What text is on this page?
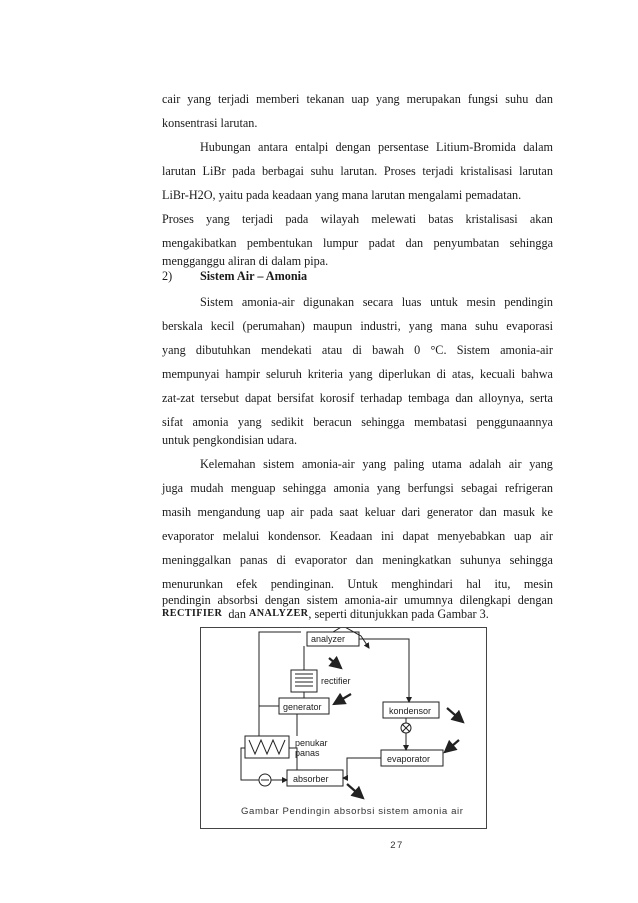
cair yang terjadi memberi tekanan uap yang merupakan fungsi suhu dan
konsentrasi larutan.
Hubungan antara entalpi dengan persentase Litium-Bromida dalam
larutan LiBr pada berbagai suhu larutan. Proses terjadi kristalisasi larutan
LiBr-H2O, yaitu pada keadaan yang mana larutan mengalami pemadatan.
Proses yang terjadi pada wilayah melewati batas kristalisasi akan
mengakibatkan pembentukan lumpur padat dan penyumbatan sehingga
mengganggu aliran di dalam pipa.
2) Sistem Air – Amonia
Sistem amonia-air digunakan secara luas untuk mesin pendingin
berskala kecil (perumahan) maupun industri, yang mana suhu evaporasi
yang dibutuhkan mendekati atau di bawah 0 °C. Sistem amonia-air
mempunyai hampir seluruh kriteria yang diperlukan di atas, kecuali bahwa
zat-zat tersebut dapat bersifat korosif terhadap tembaga dan alloynya, serta
sifat amonia yang sedikit beracun sehingga membatasi penggunaannya
untuk pengkondisian udara.
Kelemahan sistem amonia-air yang paling utama adalah air yang
juga mudah menguap sehingga amonia yang berfungsi sebagai refrigeran
masih mengandung uap air pada saat keluar dari generator dan masuk ke
evaporator melalui kondensor. Keadaan ini dapat menyebabkan uap air
meninggalkan panas di evaporator dan meningkatkan suhunya sehingga
menurunkan efek pendinginan. Untuk menghindari hal itu, mesin
pendingin absorbsi dengan sistem amonia-air umumnya dilengkapi dengan
RECTIFIER
dan
ANALYZER , seperti ditunjukkan pada Gambar 3.
analyzer
rectifier
generator	kondensor
penukar
panas
evaporator
absorber
Gambar Pendingin absorbsi sistem amonia air
27
